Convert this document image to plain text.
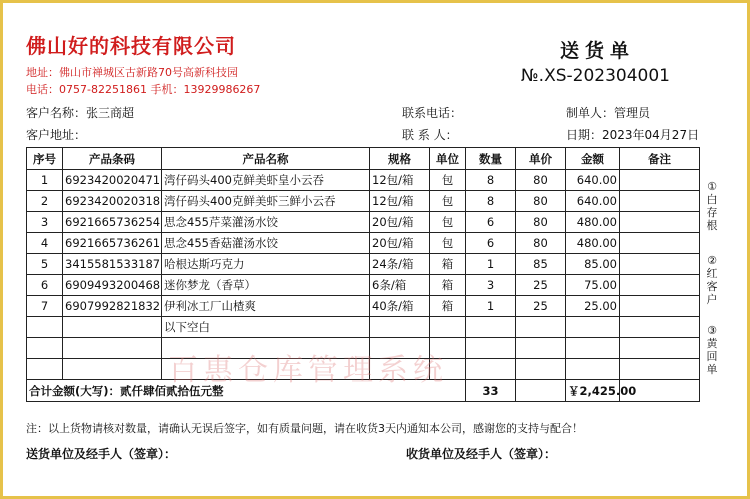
佛山好的科技有限公司
地址：佛山市禅城区古新路70号高新科技园
电话：0757-82251861 手机：13929986267
送货单
№.XS-202304001
客户名称：张三商超
客户地址：
联系电话：
联 系 人：
制单人：管理员
日期：2023年04月27日
序号	产品条码	产品名称	规格	单位	数量	单价	金额	备注
1	6923420020471	湾仔码头400克鲜美虾皇小云吞	12包/箱	包	8	80	640.00	
2	6923420020318	湾仔码头400克鲜美虾三鲜小云吞	12包/箱	包	8	80	640.00	
3	6921665736254	思念455芹菜灌汤水饺	20包/箱	包	6	80	480.00	
4	6921665736261	思念455香菇灌汤水饺	20包/箱	包	6	80	480.00	
5	3415581533187	哈根达斯巧克力	24条/箱	箱	1	85	85.00	
6	6909493200468	迷你梦龙（香草）	6条/箱	箱	3	25	75.00	
7	6907992821832	伊利冰工厂山楂爽	40条/箱	箱	1	25	25.00	
		以下空白						

合计金额(大写)：贰仟肆佰贰拾伍元整					33		￥2,425.00	
百惠仓库管理系统
①白存根
②红客户
③黄回单
注：以上货物请核对数量，请确认无误后签字，如有质量问题，请在收货3天内通知本公司，感谢您的支持与配合！
送货单位及经手人（签章）：	收货单位及经手人（签章）：
